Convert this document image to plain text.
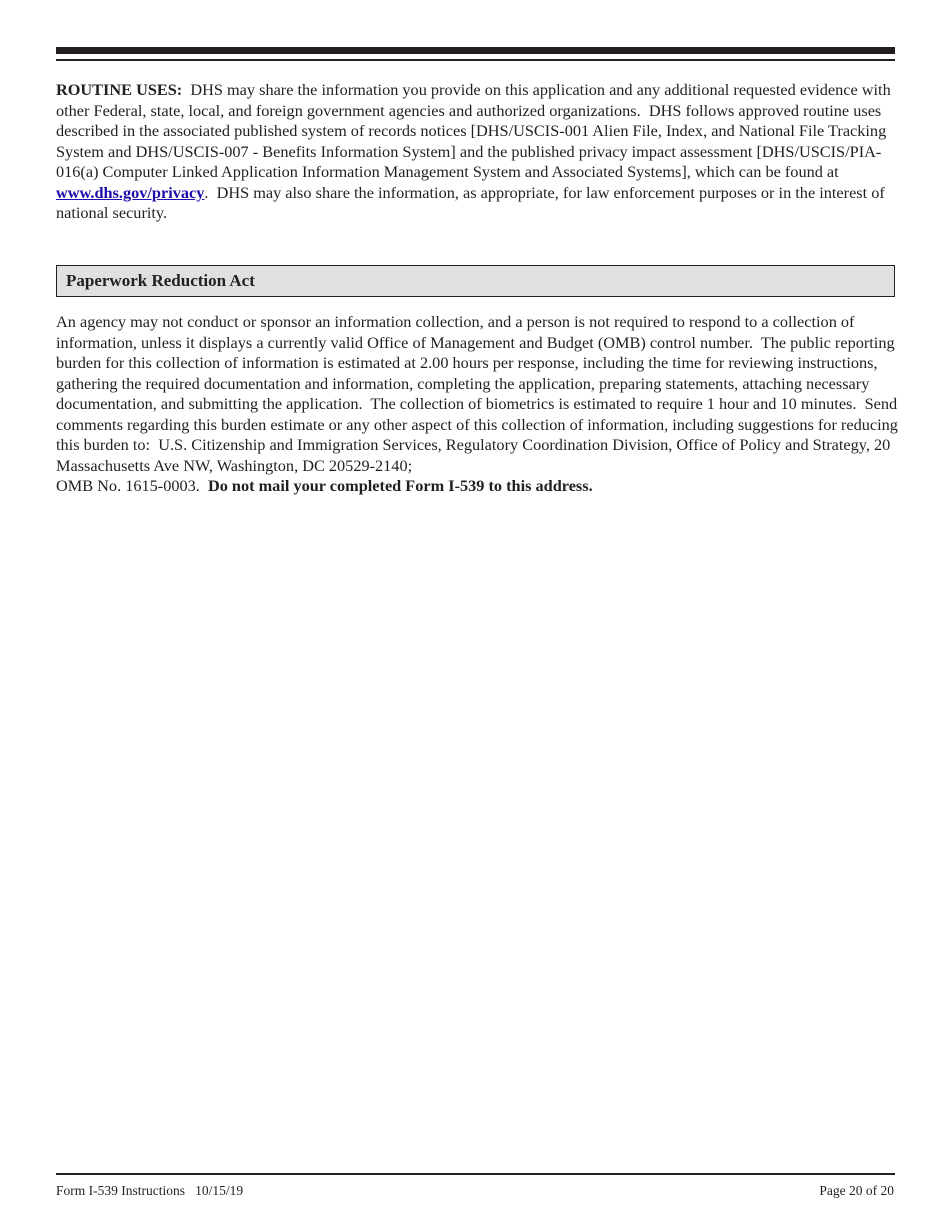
ROUTINE USES:  DHS may share the information you provide on this application and any additional requested evidence with other Federal, state, local, and foreign government agencies and authorized organizations.  DHS follows approved routine uses described in the associated published system of records notices [DHS/USCIS-001 Alien File, Index, and National File Tracking System and DHS/USCIS-007 - Benefits Information System] and the published privacy impact assessment [DHS/USCIS/PIA-016(a) Computer Linked Application Information Management System and Associated Systems], which can be found at www.dhs.gov/privacy.  DHS may also share the information, as appropriate, for law enforcement purposes or in the interest of national security.

Paperwork Reduction Act

An agency may not conduct or sponsor an information collection, and a person is not required to respond to a collection of information, unless it displays a currently valid Office of Management and Budget (OMB) control number.  The public reporting burden for this collection of information is estimated at 2.00 hours per response, including the time for reviewing instructions, gathering the required documentation and information, completing the application, preparing statements, attaching necessary documentation, and submitting the application.  The collection of biometrics is estimated to require 1 hour and 10 minutes.  Send comments regarding this burden estimate or any other aspect of this collection of information, including suggestions for reducing this burden to:  U.S. Citizenship and Immigration Services, Regulatory Coordination Division, Office of Policy and Strategy, 20 Massachusetts Ave NW, Washington, DC 20529-2140;
OMB No. 1615-0003.  Do not mail your completed Form I-539 to this address.

Form I-539 Instructions 10/15/19	Page 20 of 20
